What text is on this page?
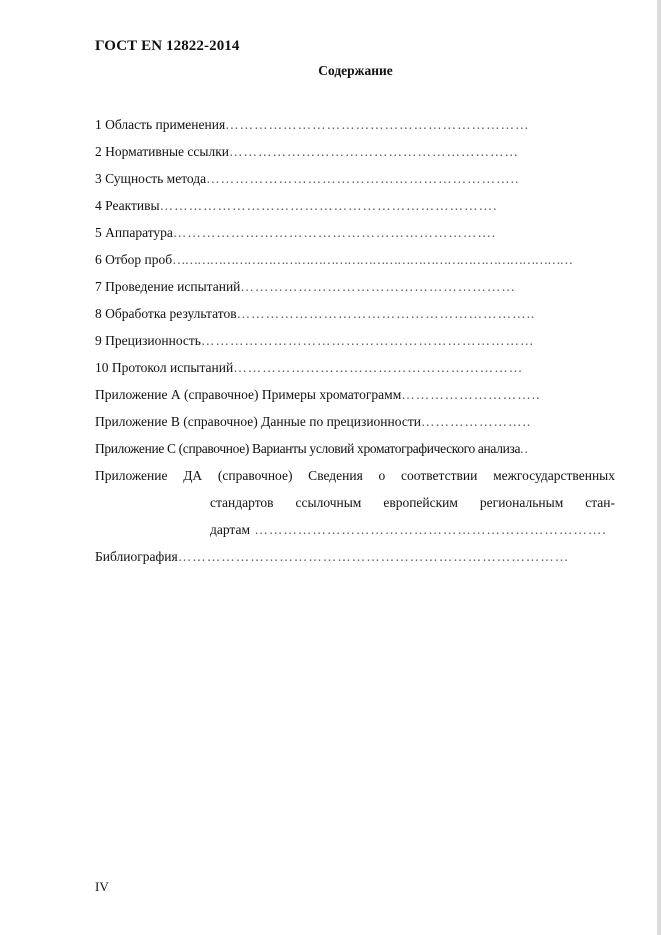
ГОСТ EN 12822-2014
Содержание
1 Область применения………………………………………………………
2 Нормативные ссылки……………………………………………………
3 Сущность метода………………………………………………………..
4 Реактивы…………………………………………………………….
5 Аппаратура………………………………………………………….
6 Отбор проб……………………………………………………………………………………
7 Проведение испытаний…………………………………………………
8 Обработка результатов……………………………………………………..
9 Прецизионность……………………………………………………………
10 Протокол испытаний……………………………………………………
Приложение А (справочное) Примеры хроматограмм………………………..
Приложение В (справочное) Данные по прецизионности…………………..
Приложение С (справочное) Варианты условий хроматографического анализа..
Приложение ДА (справочное) Сведения о соответствии межгосударственных
стандартов ссылочным европейским региональным стан-
дартам ……………………………………………………………….
Библиография………………………………………………………………………
IV
